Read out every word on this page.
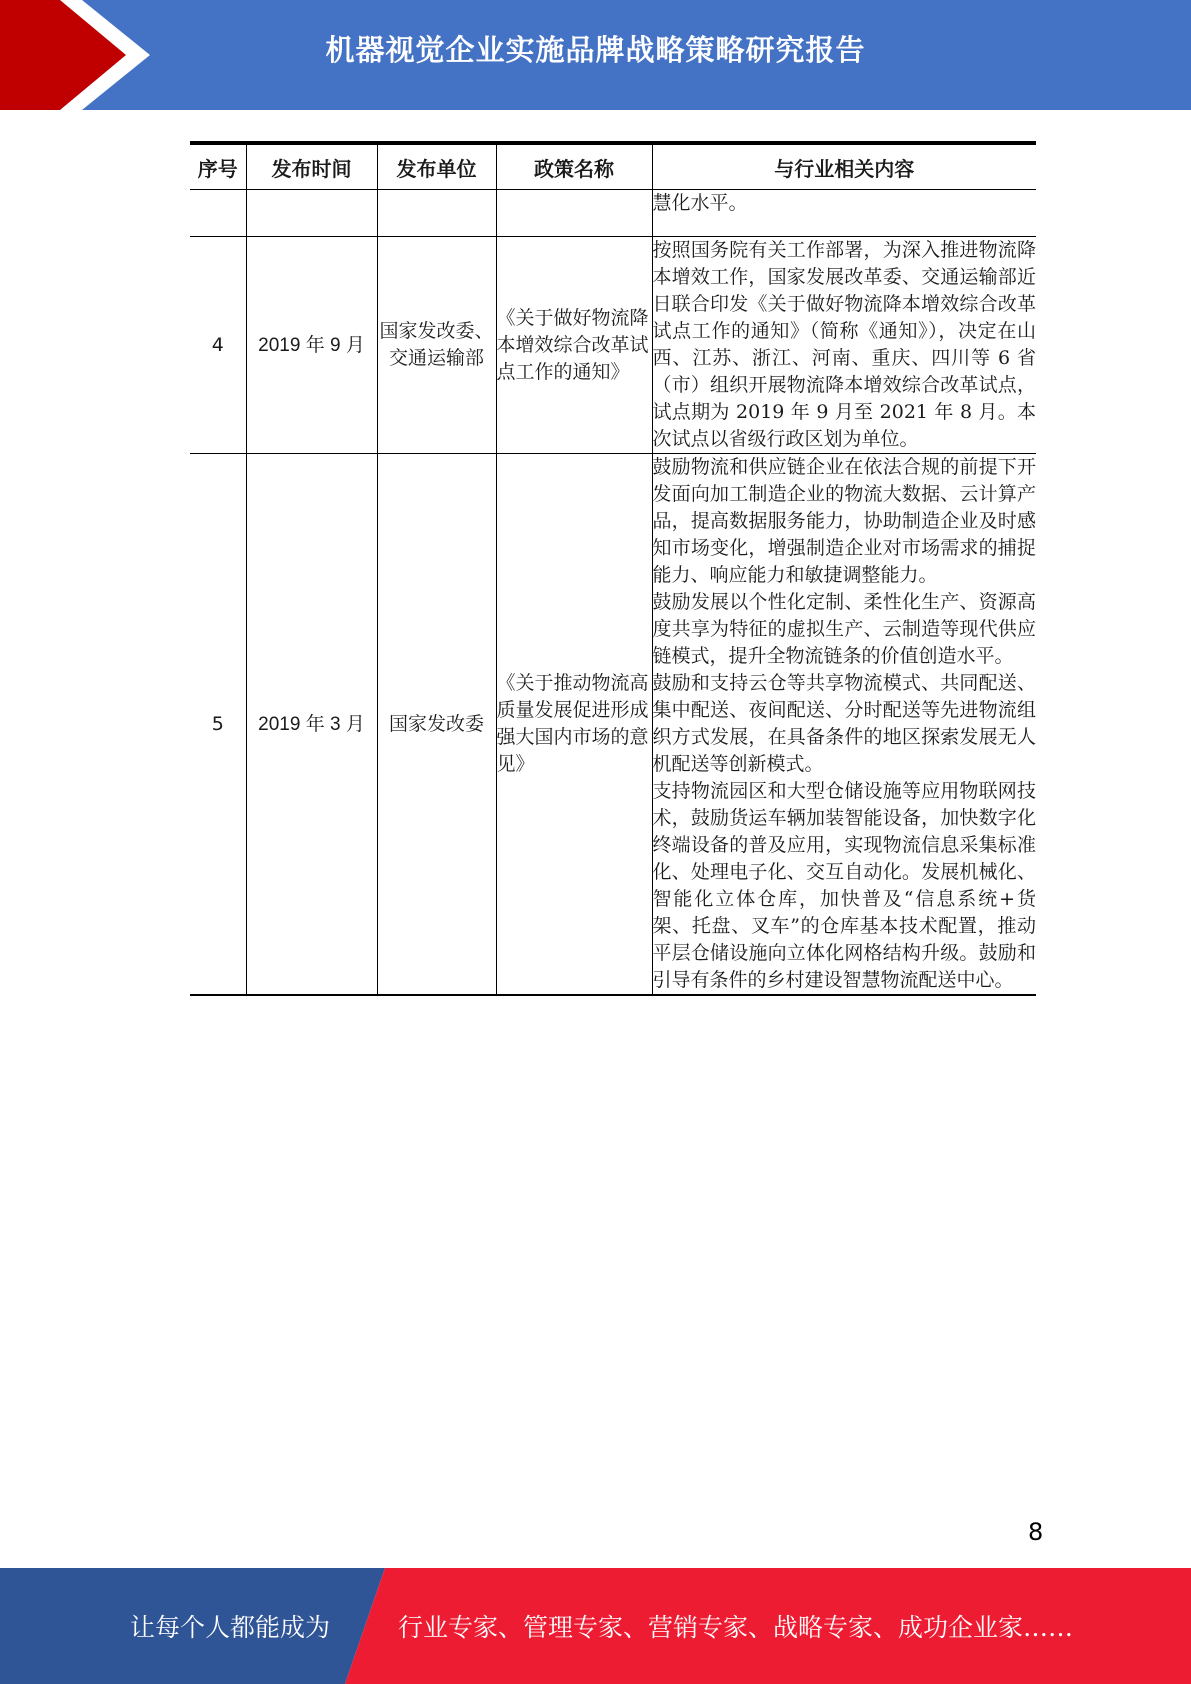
机器视觉企业实施品牌战略策略研究报告
序号	发布时间	发布单位	政策名称	与行业相关内容
				慧化水平。
4	2019 年 9 月	国家发改委、交通运输部	《关于做好物流降本增效综合改革试点工作的通知》	按照国务院有关工作部署，为深入推进物流降本增效工作，国家发展改革委、交通运输部近日联合印发《关于做好物流降本增效综合改革试点工作的通知》（简称《通知》），决定在山西、江苏、浙江、河南、重庆、四川等 6 省（市）组织开展物流降本增效综合改革试点，试点期为 2019 年 9 月至 2021 年 8 月。本次试点以省级行政区划为单位。

5	2019 年 3 月	国家发改委	《关于推动物流高质量发展促进形成强大国内市场的意见》	鼓励物流和供应链企业在依法合规的前提下开发面向加工制造企业的物流大数据、云计算产品，提高数据服务能力，协助制造企业及时感知市场变化，增强制造企业对市场需求的捕捉能力、响应能力和敏捷调整能力。

鼓励发展以个性化定制、柔性化生产、资源高度共享为特征的虚拟生产、云制造等现代供应链模式，提升全物流链条的价值创造水平。

鼓励和支持云仓等共享物流模式、共同配送、集中配送、夜间配送、分时配送等先进物流组织方式发展，在具备条件的地区探索发展无人机配送等创新模式。

支持物流园区和大型仓储设施等应用物联网技术，鼓励货运车辆加装智能设备，加快数字化终端设备的普及应用，实现物流信息采集标准化、处理电子化、交互自动化。发展机械化、智能化立体仓库，加快普及“信息系统+货架、托盘、叉车”的仓库基本技术配置，推动平层仓储设施向立体化网格结构升级。鼓励和引导有条件的乡村建设智慧物流配送中心。

8
让每个人都能成为	行业专家、管理专家、营销专家、战略专家、成功企业家……
